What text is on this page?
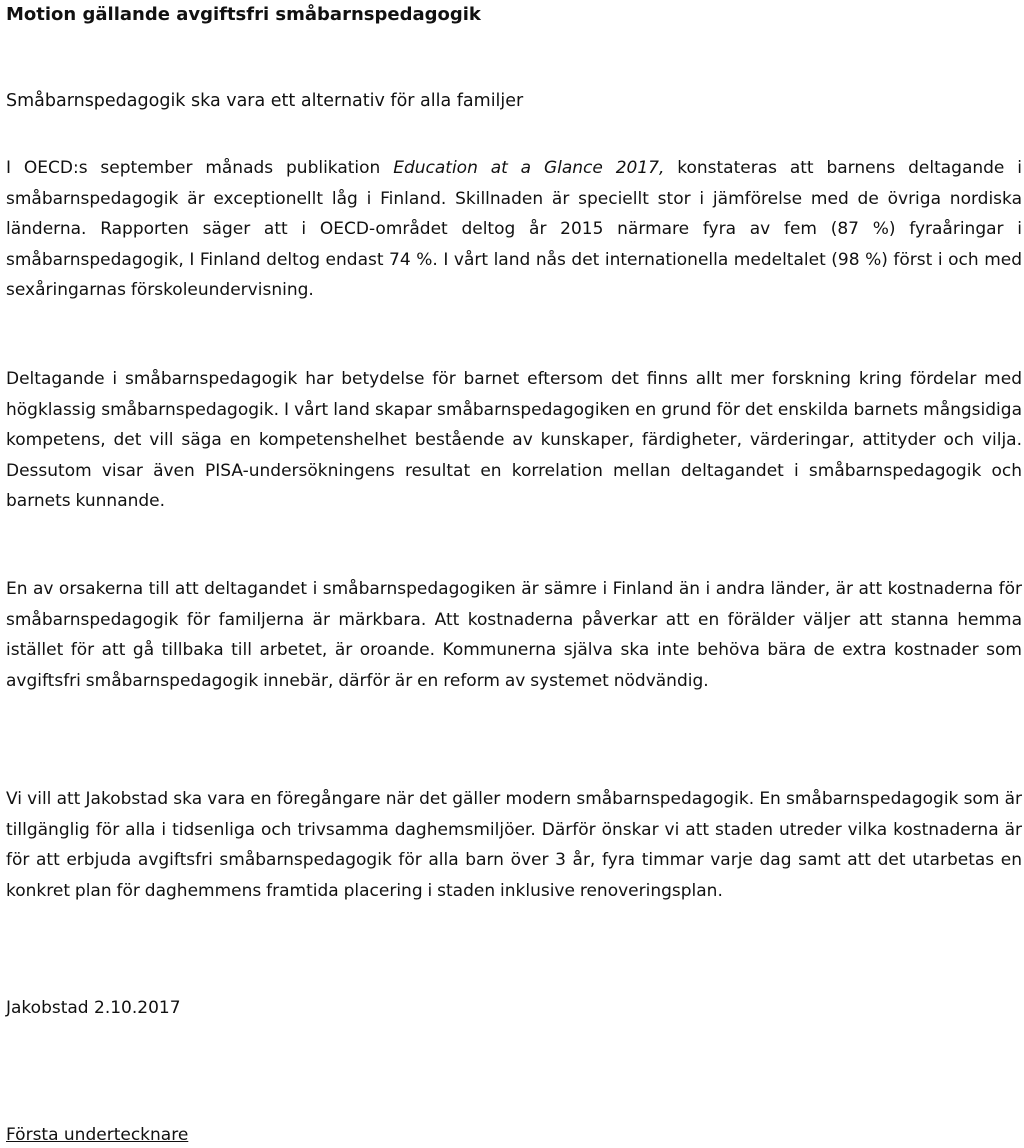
Motion gällande avgiftsfri småbarnspedagogik

Småbarnspedagogik ska vara ett alternativ för alla familjer

I OECD:s september månads publikation Education at a Glance 2017, konstateras att barnens deltagande i småbarnspedagogik är exceptionellt låg i Finland. Skillnaden är speciellt stor i jämförelse med de övriga nordiska länderna. Rapporten säger att i OECD-området deltog år 2015 närmare fyra av fem (87 %) fyraåringar i småbarnspedagogik, I Finland deltog endast 74 %. I vårt land nås det internationella medeltalet (98 %) först i och med sexåringarnas förskoleundervisning.

Deltagande i småbarnspedagogik har betydelse för barnet eftersom det finns allt mer forskning kring fördelar med högklassig småbarnspedagogik. I vårt land skapar småbarnspedagogiken en grund för det enskilda barnets mångsidiga kompetens, det vill säga en kompetenshelhet bestående av kunskaper, färdigheter, värderingar, attityder och vilja. Dessutom visar även PISA-undersökningens resultat en korrelation mellan deltagandet i småbarnspedagogik och barnets kunnande.

En av orsakerna till att deltagandet i småbarnspedagogiken är sämre i Finland än i andra länder, är att kostnaderna för småbarnspedagogik för familjerna är märkbara. Att kostnaderna påverkar att en förälder väljer att stanna hemma istället för att gå tillbaka till arbetet, är oroande. Kommunerna själva ska inte behöva bära de extra kostnader som avgiftsfri småbarnspedagogik innebär, därför är en reform av systemet nödvändig.

Vi vill att Jakobstad ska vara en föregångare när det gäller modern småbarnspedagogik. En småbarnspedagogik som är tillgänglig för alla i tidsenliga och trivsamma daghemsmiljöer. Därför önskar vi att staden utreder vilka kostnaderna är för att erbjuda avgiftsfri småbarnspedagogik för alla barn över 3 år, fyra timmar varje dag samt att det utarbetas en konkret plan för daghemmens framtida placering i staden inklusive renoveringsplan.

Jakobstad 2.10.2017

Första undertecknare
